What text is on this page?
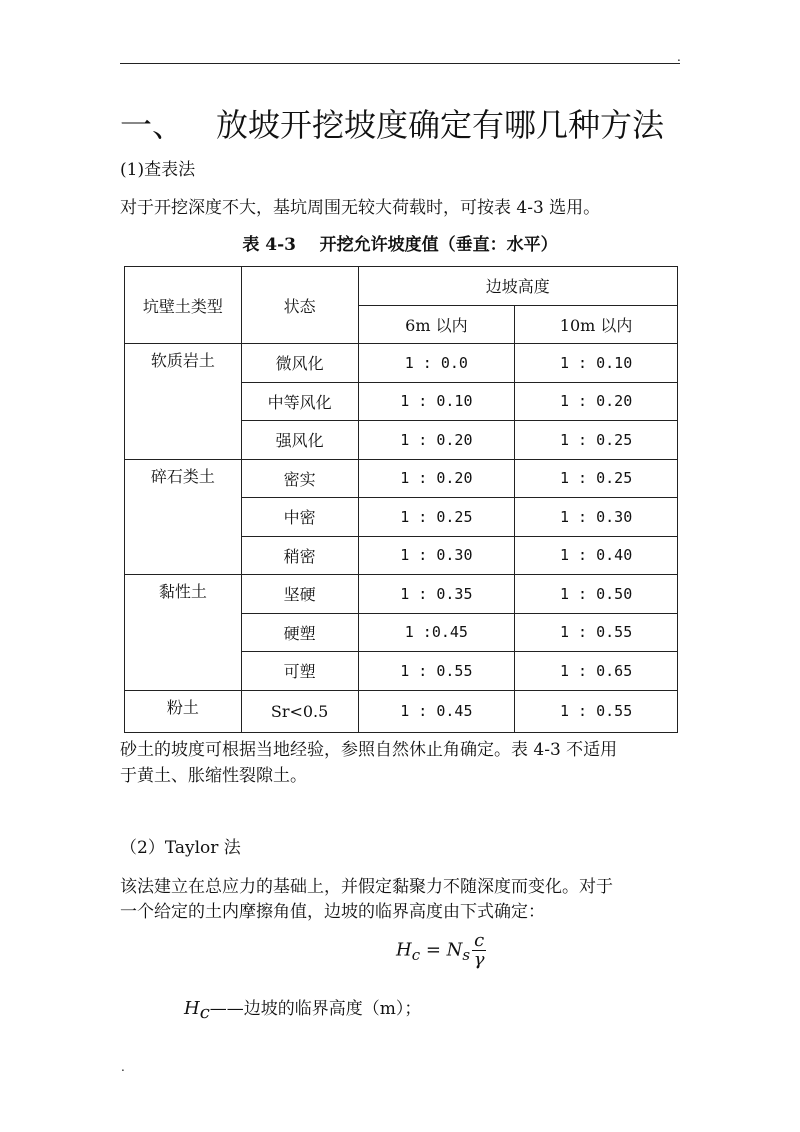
.
一、 放坡开挖坡度确定有哪几种方法
(1)查表法
对于开挖深度不大，基坑周围无较大荷载时，可按表 4-3 选用。
表 4-3    开挖允许坡度值（垂直：水平）
坑壁土类型	状态	边坡高度	
		6m 以内	10m 以内
软质岩土	微风化	1 : 0.0	1 : 0.10
	中等风化	1 : 0.10	1 : 0.20
	强风化	1 : 0.20	1 : 0.25
碎石类土	密实	1 : 0.20	1 : 0.25
	中密	1 : 0.25	1 : 0.30
	稍密	1 : 0.30	1 : 0.40
黏性土	坚硬	1 : 0.35	1 : 0.50
	硬塑	1 :0.45	1 : 0.55
	可塑	1 : 0.55	1 : 0.65
粉土	Sr<0.5	1 : 0.45	1 : 0.55
砂土的坡度可根据当地经验，参照自然休止角确定。表 4-3 不适用
于黄土、胀缩性裂隙土。
（2）Taylor 法
该法建立在总应力的基础上，并假定黏聚力不随深度而变化。对于
一个给定的土内摩擦角值，边坡的临界高度由下式确定：
$H_c = N_s \frac{c}{\gamma}$
$H_c——$边坡的临界高度（m）；
.
